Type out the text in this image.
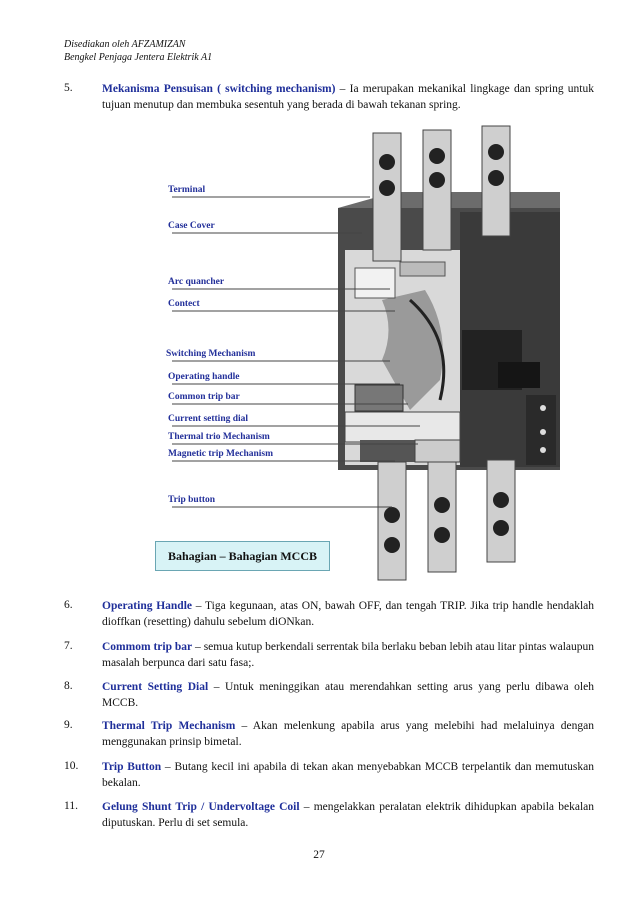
Disediakan oleh AFZAMIZAN
Bengkel Penjaga Jentera Elektrik A1
5.	Mekanisma Pensuisan ( switching mechanism) – Ia merupakan mekanikal lingkage dan spring untuk tujuan menutup dan membuka sesentuh yang berada di bawah tekanan spring.
Terminal
Case Cover
Arc quancher
Contect
Switching Mechanism
Operating handle
Common trip bar
Current setting dial
Thermal trio Mechanism
Magnetic trip Mechanism
Trip button
Bahagian – Bahagian MCCB
6.	Operating Handle – Tiga kegunaan, atas ON, bawah OFF, dan tengah TRIP. Jika trip handle hendaklah dioffkan (resetting) dahulu sebelum diONkan.
7.	Commom trip bar – semua kutup berkendali serrentak bila berlaku beban lebih atau litar pintas walaupun masalah berpunca dari satu fasa;.
8.	Current Setting Dial – Untuk meninggikan atau merendahkan setting arus yang perlu dibawa oleh MCCB.
9.	Thermal Trip Mechanism – Akan melenkung apabila arus yang melebihi had melaluinya dengan menggunakan prinsip bimetal.
10. Trip Button – Butang kecil ini apabila di tekan akan menyebabkan MCCB terpelantik dan memutuskan bekalan.
11. Gelung Shunt Trip / Undervoltage Coil – mengelakkan peralatan elektrik dihidupkan apabila bekalan diputuskan. Perlu di set semula.
27
